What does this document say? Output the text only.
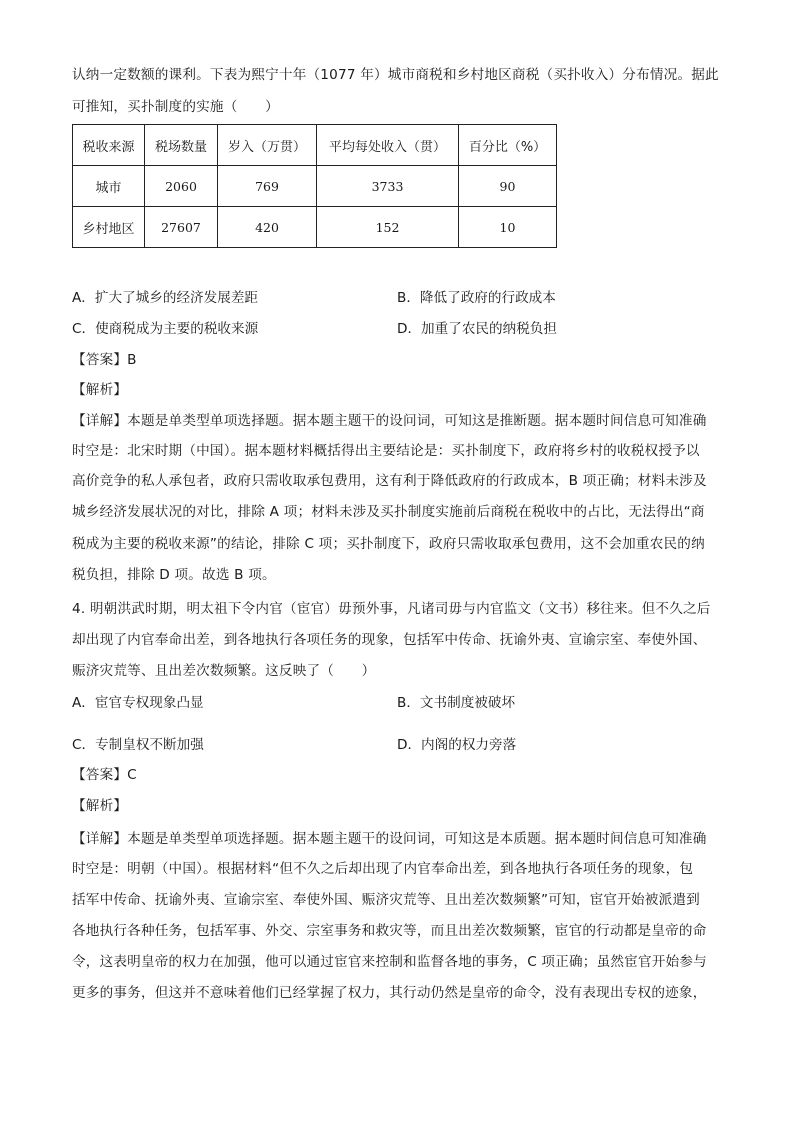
认纳一定数额的课利。下表为熙宁十年（1077 年）城市商税和乡村地区商税（买扑收入）分布情况。据此
可推知，买扑制度的实施（　　）
税收来源	税场数量	岁入（万贯）	平均每处收入（贯）	百分比（%）
城市	2060	769	3733	90
乡村地区	27607	420	152	10
A．扩大了城乡的经济发展差距	B．降低了政府的行政成本
C．使商税成为主要的税收来源	D．加重了农民的纳税负担
【答案】B
【解析】
【详解】本题是单类型单项选择题。据本题主题干的设问词，可知这是推断题。据本题时间信息可知准确
时空是：北宋时期（中国）。据本题材料概括得出主要结论是：买扑制度下，政府将乡村的收税权授予以
高价竞争的私人承包者，政府只需收取承包费用，这有利于降低政府的行政成本，B 项正确；材料未涉及
城乡经济发展状况的对比，排除 A 项；材料未涉及买扑制度实施前后商税在税收中的占比，无法得出“商
税成为主要的税收来源”的结论，排除 C 项；买扑制度下，政府只需收取承包费用，这不会加重农民的纳
税负担，排除 D 项。故选 B 项。
4. 明朝洪武时期，明太祖下令内官（宦官）毋预外事，凡诸司毋与内官监文（文书）移往来。但不久之后
却出现了内官奉命出差，到各地执行各项任务的现象，包括军中传命、抚谕外夷、宣谕宗室、奉使外国、
赈济灾荒等、且出差次数频繁。这反映了（　　）
A．宦官专权现象凸显	B．文书制度被破坏
C．专制皇权不断加强	D．内阁的权力旁落
【答案】C
【解析】
【详解】本题是单类型单项选择题。据本题主题干的设问词，可知这是本质题。据本题时间信息可知准确
时空是：明朝（中国）。根据材料“但不久之后却出现了内官奉命出差，到各地执行各项任务的现象，包
括军中传命、抚谕外夷、宣谕宗室、奉使外国、赈济灾荒等、且出差次数频繁”可知，宦官开始被派遣到
各地执行各种任务，包括军事、外交、宗室事务和救灾等，而且出差次数频繁，宦官的行动都是皇帝的命
令，这表明皇帝的权力在加强，他可以通过宦官来控制和监督各地的事务，C 项正确；虽然宦官开始参与
更多的事务，但这并不意味着他们已经掌握了权力，其行动仍然是皇帝的命令，没有表现出专权的迹象，
